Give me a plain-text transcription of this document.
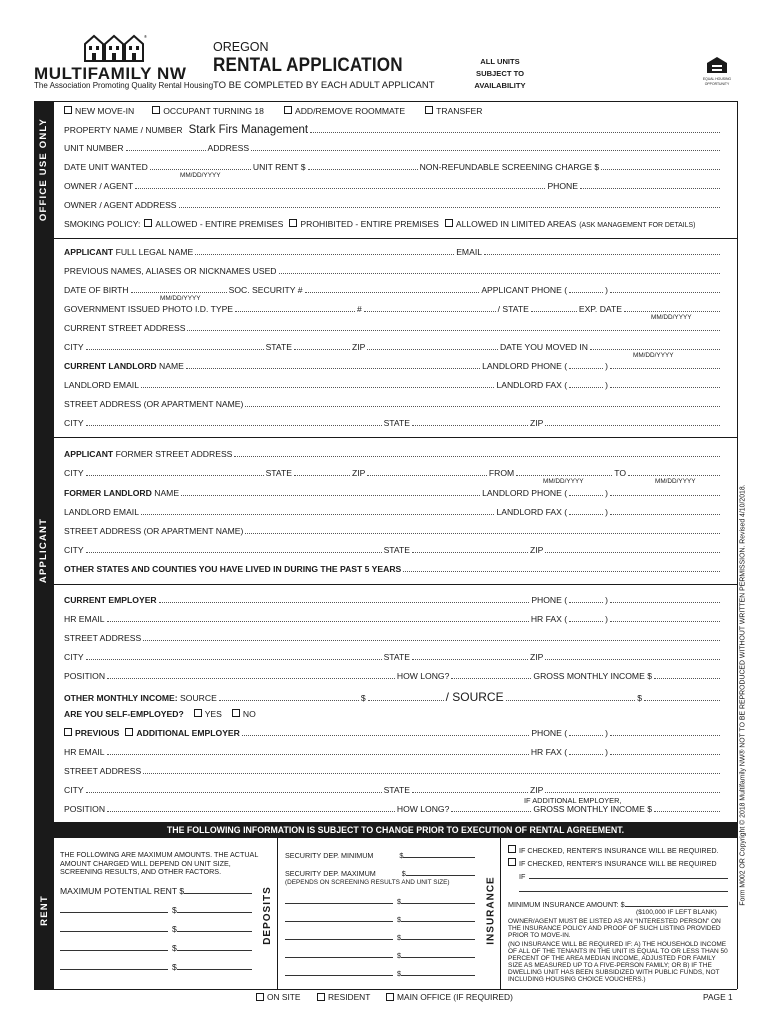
®
MULTIFAMILY NW
The Association Promoting Quality Rental Housing
OREGON
RENTAL APPLICATION
TO BE COMPLETED BY EACH ADULT APPLICANT
ALL UNITS
SUBJECT TO
AVAILABILITY
EQUAL HOUSING
OPPORTUNITY
OFFICE USE ONLY
NEW MOVE-IN	OCCUPANT TURNING 18	ADD/REMOVE ROOMMATE	TRANSFER
PROPERTY NAME / NUMBER Stark Firs Management
UNIT NUMBER	ADDRESS
DATE UNIT WANTED	UNIT RENT $	NON-REFUNDABLE SCREENING CHARGE $
MM/DD/YYYY
OWNER / AGENT	PHONE
OWNER / AGENT ADDRESS
SMOKING POLICY: ALLOWED - ENTIRE PREMISES PROHIBITED - ENTIRE PREMISES ALLOWED IN LIMITED AREAS (ASK MANAGEMENT FOR DETAILS)
APPLICANT
APPLICANT
FULL LEGAL NAME	EMAIL
PREVIOUS NAMES, ALIASES OR NICKNAMES USED
DATE OF BIRTH	SOC. SECURITY #	APPLICANT PHONE (	)
MM/DD/YYYY
GOVERNMENT ISSUED PHOTO I.D. TYPE	#	/ STATE	EXP. DATE
MM/DD/YYYY
CURRENT STREET ADDRESS
CITY	STATE	ZIP	DATE YOU MOVED IN
MM/DD/YYYY
CURRENT LANDLORD
NAME	LANDLORD PHONE (	)
LANDLORD EMAIL	LANDLORD FAX (	)
STREET ADDRESS (OR APARTMENT NAME)
CITY	STATE	ZIP
APPLICANT
FORMER STREET ADDRESS
CITY	STATE	ZIP	FROM	TO
MM/DD/YYYY	MM/DD/YYYY
FORMER LANDLORD
NAME	LANDLORD PHONE (	)
LANDLORD EMAIL	LANDLORD FAX (	)
STREET ADDRESS (OR APARTMENT NAME)
CITY	STATE	ZIP
OTHER STATES AND COUNTIES YOU HAVE LIVED IN DURING THE PAST 5 YEARS
CURRENT EMPLOYER	PHONE (	)
HR EMAIL	HR FAX (	)
STREET ADDRESS
CITY	STATE	ZIP
POSITION	HOW LONG?	GROSS MONTHLY INCOME $
OTHER MONTHLY INCOME:
SOURCE	$	/ SOURCE	$
ARE YOU SELF-EMPLOYED? YES NO
PREVIOUS ADDITIONAL EMPLOYER	PHONE (	)
HR EMAIL	HR FAX (	)
STREET ADDRESS
CITY	STATE	ZIP
IF ADDITIONAL EMPLOYER,
POSITION	HOW LONG?	GROSS MONTHLY INCOME $	Form M002 OR Copyright © 2018 Multifamily NW® NOT TO BE REPRODUCED WITHOUT WRITTEN PERMISSION. Revised 4/10/2018.
THE FOLLOWING INFORMATION IS SUBJECT TO CHANGE PRIOR TO EXECUTION OF RENTAL AGREEMENT.
RENT
THE FOLLOWING ARE MAXIMUM AMOUNTS. THE ACTUAL AMOUNT CHARGED WILL DEPEND ON UNIT SIZE, SCREENING RESULTS, AND OTHER FACTORS.
MAXIMUM POTENTIAL RENT $
$
$
$
$
DEPOSITS
SECURITY DEP. MINIMUM	$
SECURITY DEP. MAXIMUM	$
(DEPENDS ON SCREENING RESULTS AND UNIT SIZE)
$
$
$
$
$
INSURANCE
IF CHECKED, RENTER'S INSURANCE WILL BE REQUIRED.
IF CHECKED, RENTER'S INSURANCE WILL BE REQUIRED
IF
MINIMUM INSURANCE AMOUNT: $
($100,000 IF LEFT BLANK)
OWNER/AGENT MUST BE LISTED AS AN “INTERESTED PERSON” ON THE INSURANCE POLICY AND PROOF OF SUCH LISTING PROVIDED PRIOR TO MOVE-IN.
(NO INSURANCE WILL BE REQUIRED IF: A) THE HOUSEHOLD INCOME OF ALL OF THE TENANTS IN THE UNIT IS EQUAL TO OR LESS THAN 50 PERCENT OF THE AREA MEDIAN INCOME, ADJUSTED FOR FAMILY SIZE AS MEASURED UP TO A FIVE-PERSON FAMILY; OR B) IF THE DWELLING UNIT HAS BEEN SUBSIDIZED WITH PUBLIC FUNDS, NOT INCLUDING HOUSING CHOICE VOUCHERS.)
ON SITE	RESIDENT	MAIN OFFICE (IF REQUIRED)	PAGE 1
